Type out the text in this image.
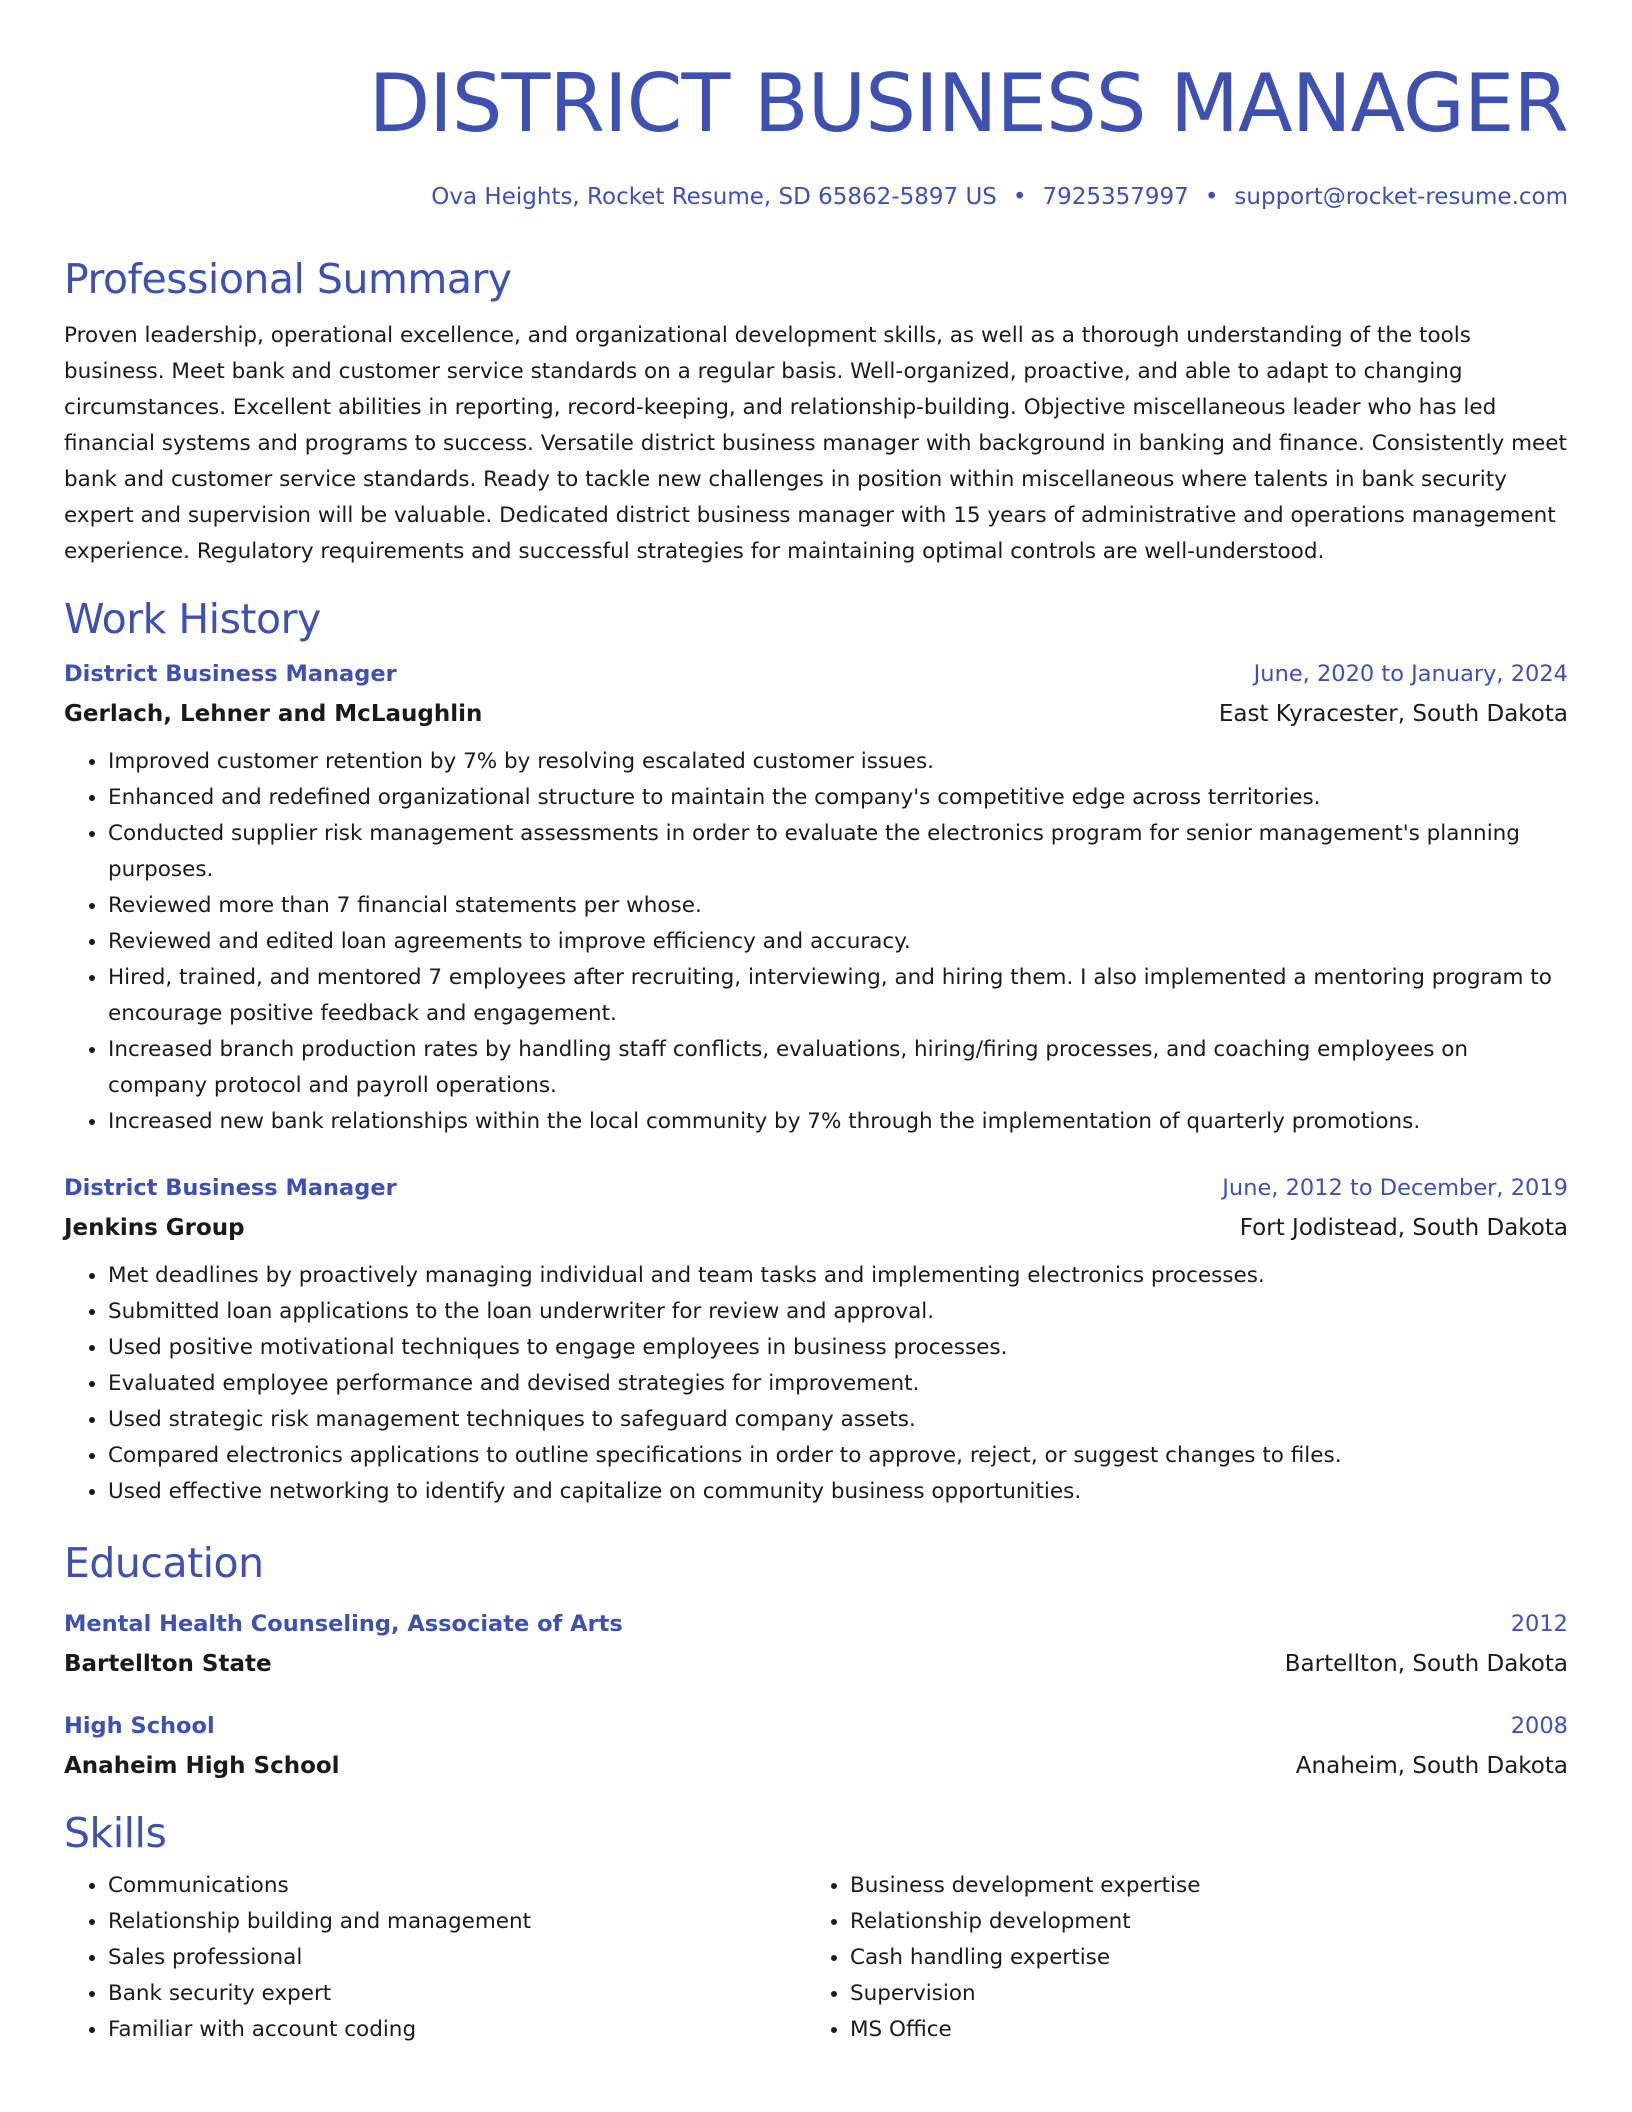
DISTRICT BUSINESS MANAGER
Ova Heights, Rocket Resume, SD 65862-5897 US • 7925357997 • support@rocket-resume.com
Professional Summary
Proven leadership, operational excellence, and organizational development skills, as well as a thorough understanding of the tools business. Meet bank and customer service standards on a regular basis. Well-organized, proactive, and able to adapt to changing circumstances. Excellent abilities in reporting, record-keeping, and relationship-building. Objective miscellaneous leader who has led financial systems and programs to success. Versatile district business manager with background in banking and finance. Consistently meet bank and customer service standards. Ready to tackle new challenges in position within miscellaneous where talents in bank security expert and supervision will be valuable. Dedicated district business manager with 15 years of administrative and operations management experience. Regulatory requirements and successful strategies for maintaining optimal controls are well-understood.
Work History
District Business Manager	June, 2020 to January, 2024
Gerlach, Lehner and McLaughlin	East Kyracester, South Dakota
• Improved customer retention by 7% by resolving escalated customer issues.
• Enhanced and redefined organizational structure to maintain the company's competitive edge across territories.
• Conducted supplier risk management assessments in order to evaluate the electronics program for senior management's planning purposes.
• Reviewed more than 7 financial statements per whose.
• Reviewed and edited loan agreements to improve efficiency and accuracy.
• Hired, trained, and mentored 7 employees after recruiting, interviewing, and hiring them. I also implemented a mentoring program to encourage positive feedback and engagement.
• Increased branch production rates by handling staff conflicts, evaluations, hiring/firing processes, and coaching employees on company protocol and payroll operations.
• Increased new bank relationships within the local community by 7% through the implementation of quarterly promotions.
District Business Manager	June, 2012 to December, 2019
Jenkins Group	Fort Jodistead, South Dakota
• Met deadlines by proactively managing individual and team tasks and implementing electronics processes.
• Submitted loan applications to the loan underwriter for review and approval.
• Used positive motivational techniques to engage employees in business processes.
• Evaluated employee performance and devised strategies for improvement.
• Used strategic risk management techniques to safeguard company assets.
• Compared electronics applications to outline specifications in order to approve, reject, or suggest changes to files.
• Used effective networking to identify and capitalize on community business opportunities.
Education
Mental Health Counseling, Associate of Arts	2012
Bartellton State	Bartellton, South Dakota
High School	2008
Anaheim High School	Anaheim, South Dakota
Skills
• Communications
• Relationship building and management
• Sales professional
• Bank security expert
• Familiar with account coding
• Business development expertise
• Relationship development
• Cash handling expertise
• Supervision
• MS Office
